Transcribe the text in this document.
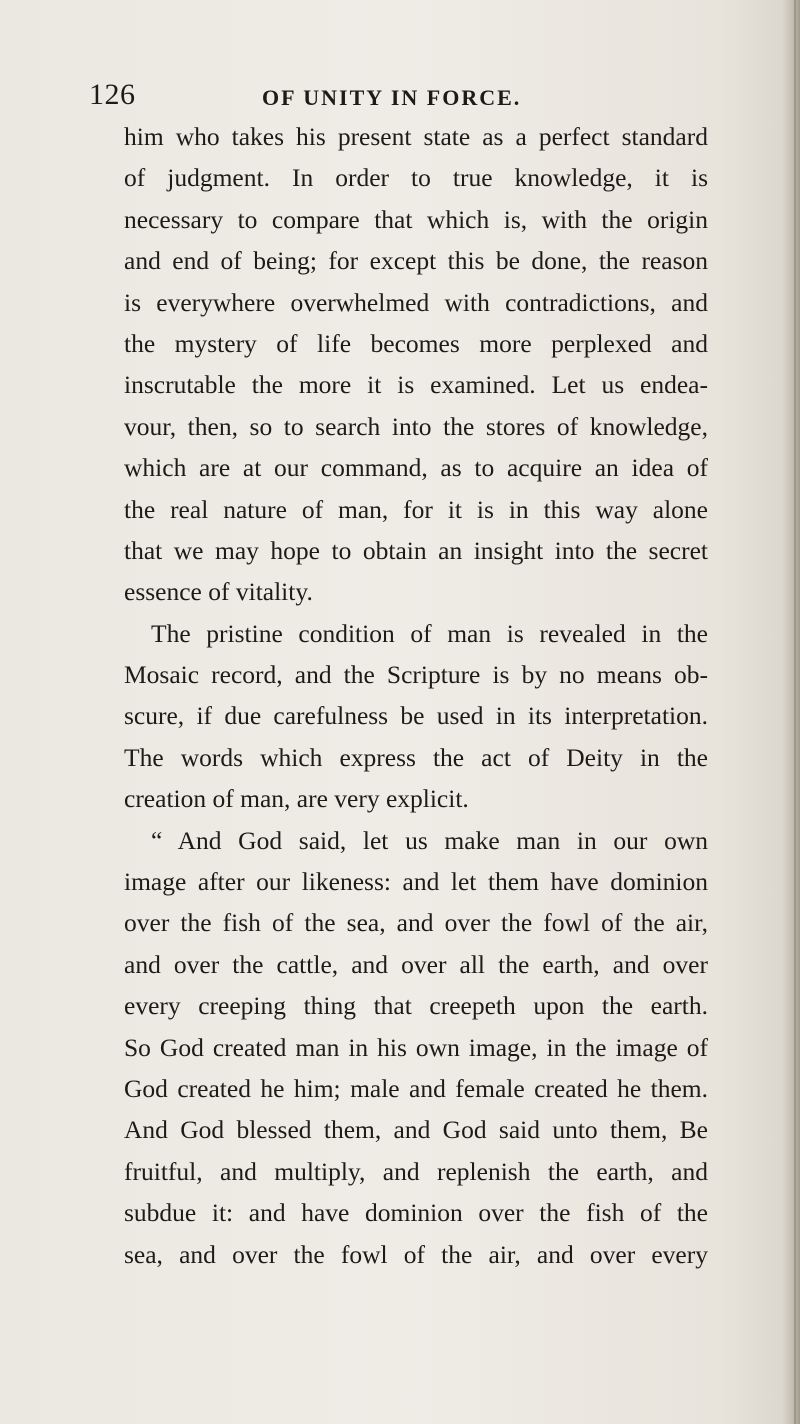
126	OF UNITY IN FORCE.
him who takes his present state as a perfect standard
of judgment. In order to true knowledge, it is
necessary to compare that which is, with the origin
and end of being; for except this be done, the reason
is everywhere overwhelmed with contradictions, and
the mystery of life becomes more perplexed and
inscrutable the more it is examined. Let us endea-
vour, then, so to search into the stores of knowledge,
which are at our command, as to acquire an idea of
the real nature of man, for it is in this way alone
that we may hope to obtain an insight into the secret
essence of vitality.
The pristine condition of man is revealed in the
Mosaic record, and the Scripture is by no means ob-
scure, if due carefulness be used in its interpretation.
The words which express the act of Deity in the
creation of man, are very explicit.
“ And God said, let us make man in our own
image after our likeness: and let them have dominion
over the fish of the sea, and over the fowl of the air,
and over the cattle, and over all the earth, and over
every creeping thing that creepeth upon the earth.
So God created man in his own image, in the image of
God created he him; male and female created he them.
And God blessed them, and God said unto them, Be
fruitful, and multiply, and replenish the earth, and
subdue it: and have dominion over the fish of the
sea, and over the fowl of the air, and over every
